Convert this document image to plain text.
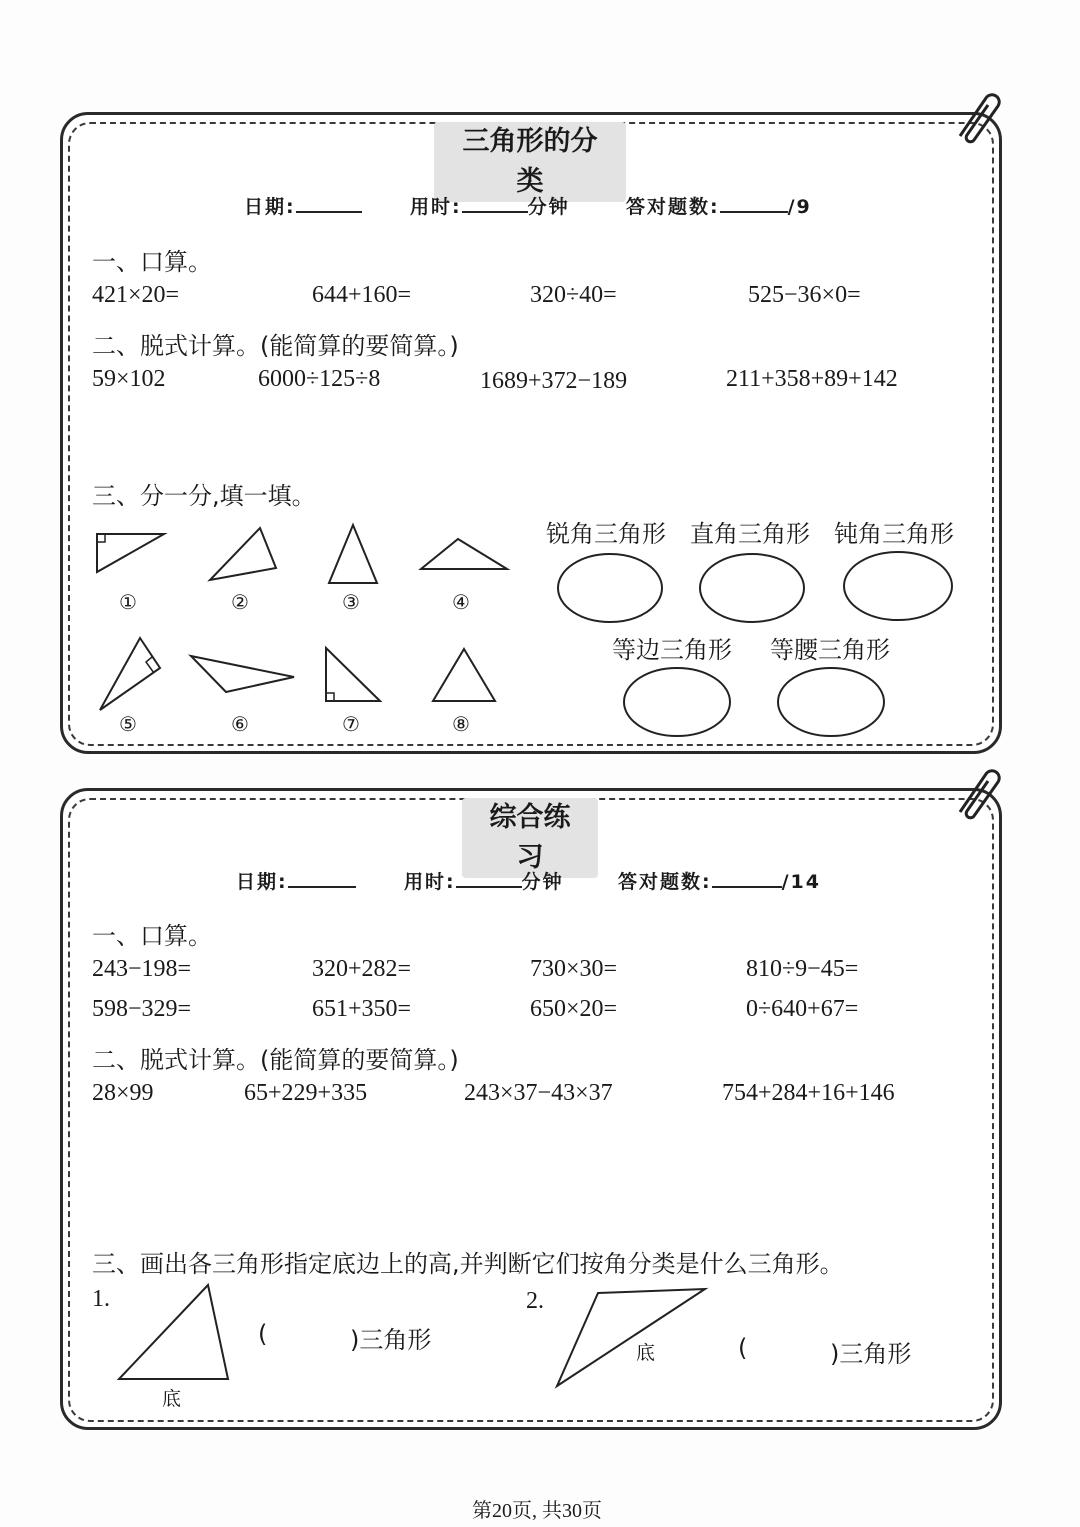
三角形的分类
日期:	用时:	分钟	答对题数:	/9
一、口算。
421×20=	644+160=	320÷40=	525−36×0=
二、脱式计算。(能简算的要简算。)
59×102	6000÷125÷8	1689+372−189	211+358+89+142
三、分一分,填一填。
①	②	③	④
⑤	⑥	⑦	⑧
锐角三角形 直角三角形 钝角三角形
等边三角形 等腰三角形
综合练习
日期:	用时:	分钟	答对题数:	/14
一、口算。
243−198=	320+282=	730×30=	810÷9−45=
598−329=	651+350=	650×20=	0÷640+67=
二、脱式计算。(能简算的要简算。)
28×99	65+229+335	243×37−43×37	754+284+16+146
三、画出各三角形指定底边上的高,并判断它们按角分类是什么三角形。
1.
底
(	)三角形
2.
底	(	)三角形
第20页, 共30页
